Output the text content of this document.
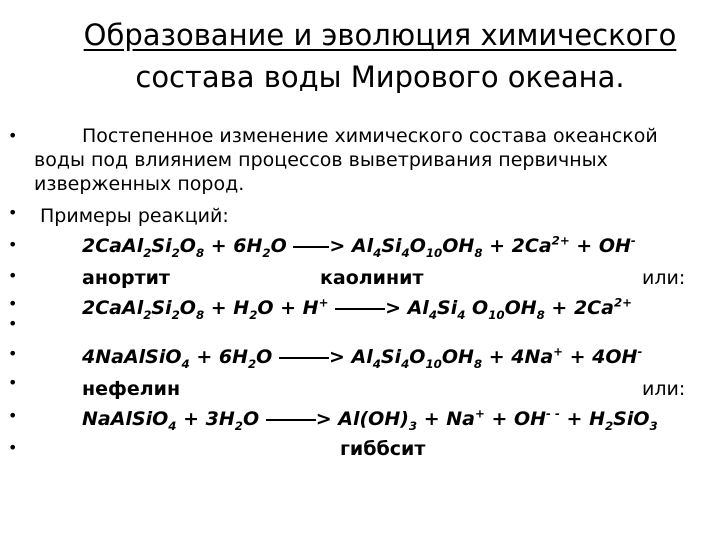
Образование и эволюция химического
состава воды Мирового океана.
•
•
•
•
•
•
•
•
•
•
Постепенное изменение химического состава океанской
воды под влиянием процессов выветривания первичных
изверженных пород.
Примеры реакций:
$2CaAl_2Si_2O_8 + 6H_2O > Al_4Si_4O_{10}OH_8 + 2Ca^{2+} + OH^-$
анортит	каолинит	или:
$2CaAl_2Si_2O_8 + H_2O + H^+$	> $Al_4Si_4$ $O_{10}OH_8 + 2Ca^{2+}$
4NaAlSiO$_4$ + $6H_2O$	> $Al_4Si_4O_{10}OH_8 + 4Na^+ + 4OH^-$
нефелин	или:
NaAlSiO$_4$ + $3H_2O$	> $Al(OH)_3 + Na^+ + OH^{- -} + H_2SiO_3$
гиббсит
